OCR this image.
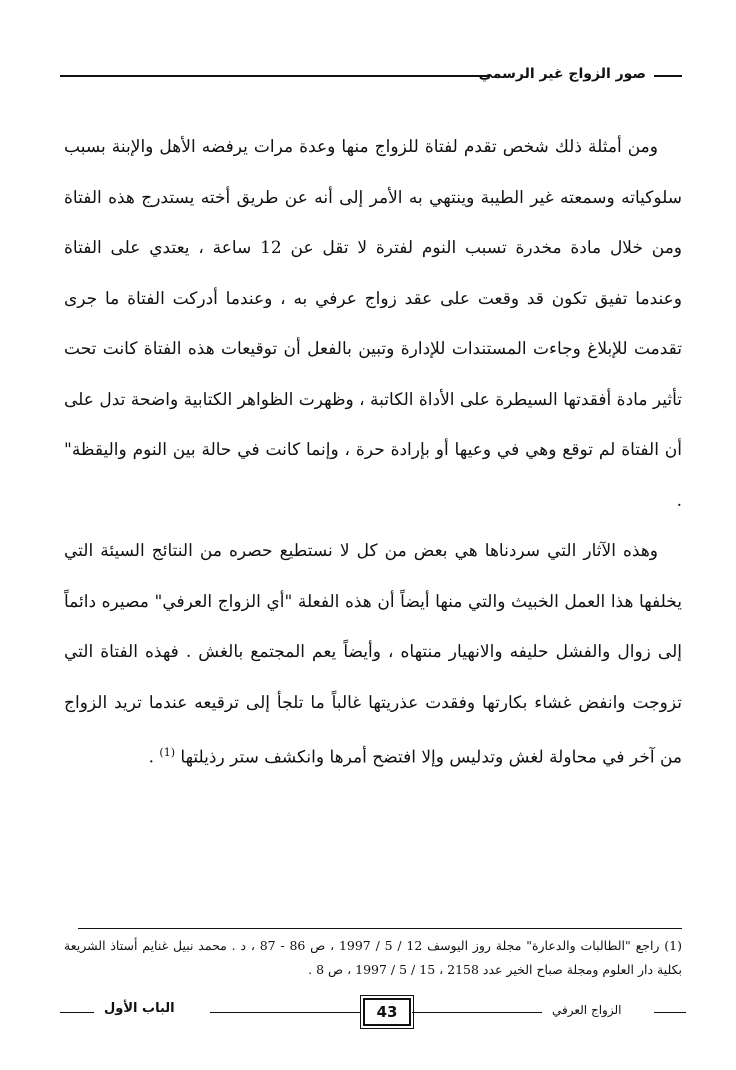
صور الزواج غير الرسمي

ومن أمثلة ذلك شخص تقدم لفتاة للزواج منها وعدة مرات يرفضه الأهل والإبنة بسبب سلوكياته وسمعته غير الطيبة وينتهي به الأمر إلى أنه عن طريق أخته يستدرج هذه الفتاة ومن خلال مادة مخدرة تسبب النوم لفترة لا تقل عن 12 ساعة ، يعتدي على الفتاة وعندما تفيق تكون قد وقعت على عقد زواج عرفي به ، وعندما أدركت الفتاة ما جرى تقدمت للإبلاغ وجاءت المستندات للإدارة وتبين بالفعل أن توقيعات هذه الفتاة كانت تحت تأثير مادة أفقدتها السيطرة على الأداة الكاتبة ، وظهرت الظواهر الكتابية واضحة تدل على أن الفتاة لم توقع وهي في وعيها أو بإرادة حرة ، وإنما كانت في حالة بين النوم واليقظة" .

وهذه الآثار التي سردناها هي بعض من كل لا نستطيع حصره من النتائج السيئة التي يخلفها هذا العمل الخبيث والتي منها أيضاً أن هذه الفعلة "أي الزواج العرفي" مصيره دائماً إلى زوال والفشل حليفه والانهيار منتهاه ، وأيضاً يعم المجتمع بالغش . فهذه الفتاة التي تزوجت وانفض غشاء بكارتها وفقدت عذريتها غالباً ما تلجأ إلى ترقيعه عندما تريد الزواج من آخر في محاولة لغش وتدليس وإلا افتضح أمرها وانكشف ستر رذيلتها $^{(1)}$ .

(1) راجع "الطالبات والدعارة" مجلة روز اليوسف 12 / 5 / 1997 ، ص 86 - 87 ، د . محمد نبيل غنايم أستاذ الشريعة بكلية دار العلوم ومجلة صباح الخير عدد 2158 ، 15 / 5 / 1997 ، ص 8 .
الباب الأول	43	الزواج العرفي
